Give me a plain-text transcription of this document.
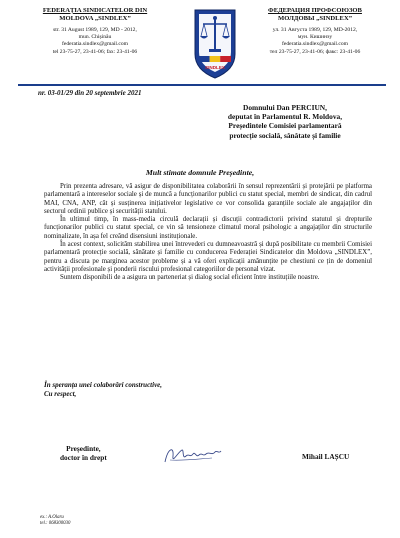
FEDERAȚIA SINDICATELOR DIN
MOLDOVA „SINDLEX”
str. 31 August 1989, 129, MD - 2012,
mun. Chișinău
federatia.sindlex@gmail.com
tel 23-75-27, 23-41-06; fax: 23-41-06
SINDLEX
ФЕДЕРАЦИЯ ПРОФСОЮЗОВ
МОЛДОВЫ „SINDLEX”
ул. 31 Августа 1989, 129, MD-2012,
мун. Кишинэу
federatia.sindlex@gmail.com
тел 23-75-27, 23-41-06; факс: 23-41-06
nr. 03-01/29 din 20 septembrie 2021
Domnului Dan PERCIUN,
deputat în Parlamentul R. Moldova,
Președintele Comisiei parlamentară
protecție socială, sănătate și familie
Mult stimate domnule Președinte,

Prin prezenta adresare, vă asigur de disponibilitatea colaborării în sensul reprezentării și protejării pe platforma parlamentară a intereselor sociale și de muncă a funcționarilor publici cu statut special, membri de sindicat, din cadrul MAI, CNA, ANP, cât și susținerea inițiativelor legislative ce vor consolida garanțiile sociale ale angajaților din sectorul ordinii publice și securității statului.

În ultimul timp, în mass-media circulă declarații și discuții contradictorii privind statutul și drepturile funcționarilor publici cu statut special, ce vin să tensioneze climatul moral psihologic a angajaților din structurile nominalizate, în așa fel creând disensiuni instituționale.

În acest context, solicităm stabilirea unei întrevederi cu dumneavoastră și după posibilitate cu membrii Comisiei parlamentară protecție socială, sănătate și familie cu conducerea Federației Sindicatelor din Moldova „SINDLEX”, pentru a discuta pe marginea acestor probleme și a vă oferi explicații amănunțite pe chestiuni ce țin de domeniul activității profesionale și ponderii riscului profesional categoriilor de personal vizat.

Suntem disponibili de a asigura un parteneriat și dialog social eficient între instituțiile noastre.

În speranța unei colaborări constructive,
Cu respect,
Președinte,
doctor în drept	Mihail LAȘCU
ex.: A.Olaru
tel.: 068300030
